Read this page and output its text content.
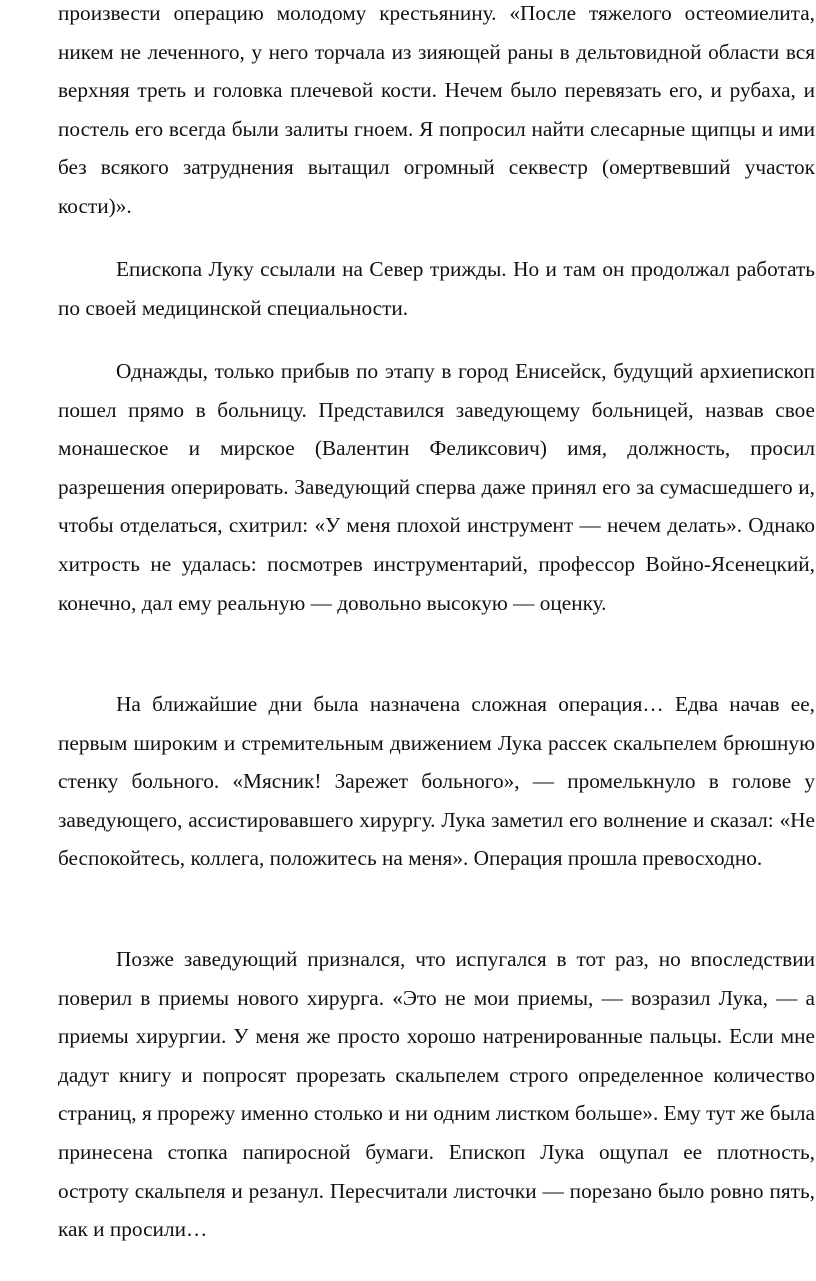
произвести операцию молодому крестьянину. «После тяжелого остеомиелита, никем не леченного, у него торчала из зияющей раны в дельтовидной области вся верхняя треть и головка плечевой кости. Нечем было перевязать его, и рубаха, и постель его всегда были залиты гноем. Я попросил найти слесарные щипцы и ими без всякого затруднения вытащил огромный секвестр (омертвевший участок кости)».

Епископа Луку ссылали на Север трижды. Но и там он продолжал работать по своей медицинской специальности.

Однажды, только прибыв по этапу в город Енисейск, будущий архиепископ пошел прямо в больницу. Представился заведующему больницей, назвав свое монашеское и мирское (Валентин Феликсович) имя, должность, просил разрешения оперировать. Заведующий сперва даже принял его за сумасшедшего и, чтобы отделаться, схитрил: «У меня плохой инструмент — нечем делать». Однако хитрость не удалась: посмотрев инструментарий, профессор Войно-Ясенецкий, конечно, дал ему реальную — довольно высокую — оценку.

На ближайшие дни была назначена сложная операция… Едва начав ее, первым широким и стремительным движением Лука рассек скальпелем брюшную стенку больного. «Мясник! Зарежет больного», — промелькнуло в голове у заведующего, ассистировавшего хирургу. Лука заметил его волнение и сказал: «Не беспокойтесь, коллега, положитесь на меня». Операция прошла превосходно.

Позже заведующий признался, что испугался в тот раз, но впоследствии поверил в приемы нового хирурга. «Это не мои приемы, — возразил Лука, — а приемы хирургии. У меня же просто хорошо натренированные пальцы. Если мне дадут книгу и попросят прорезать скальпелем строго определенное количество страниц, я прорежу именно столько и ни одним листком больше». Ему тут же была принесена стопка папиросной бумаги. Епископ Лука ощупал ее плотность, остроту скальпеля и резанул. Пересчитали листочки — порезано было ровно пять, как и просили…
